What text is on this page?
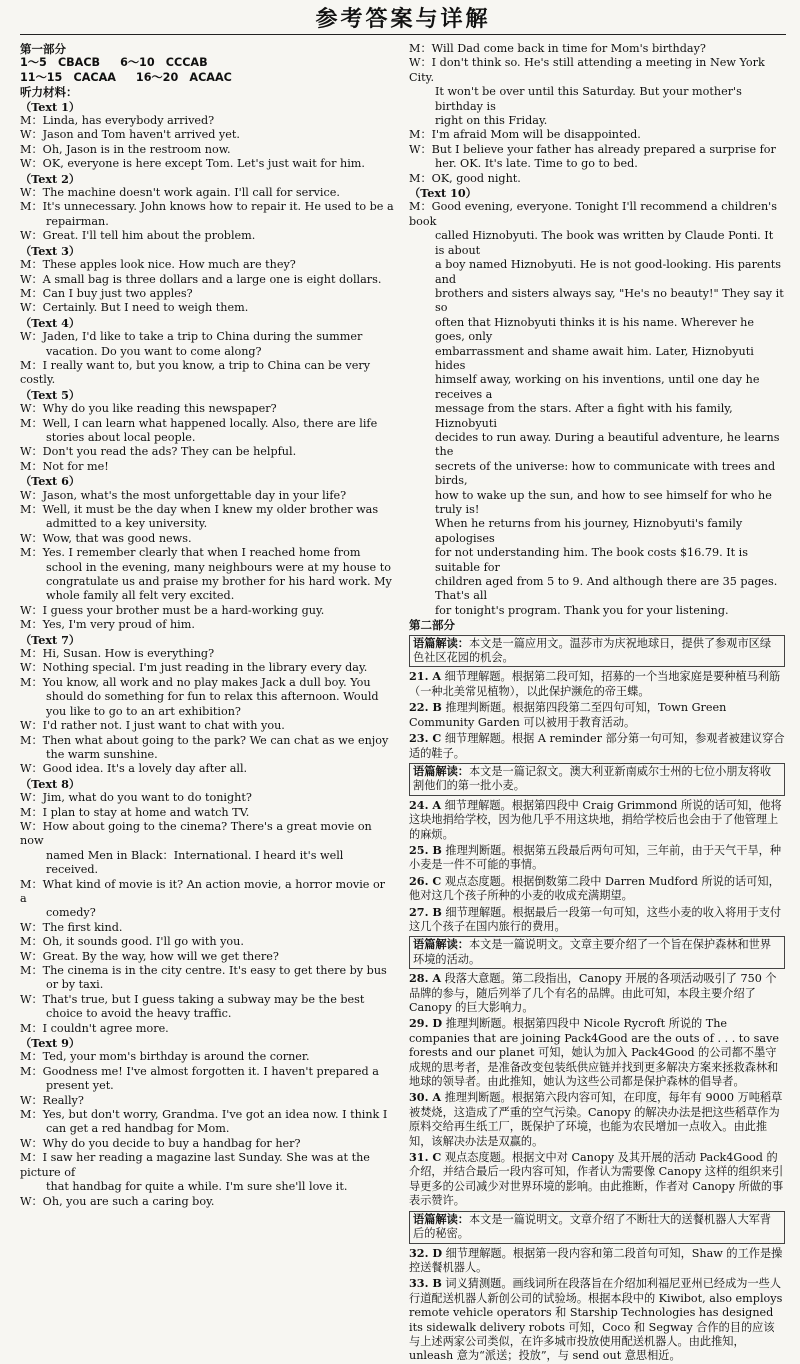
参考答案与详解
第一部分
1～5　CBACB 6～10　CCCAB
11～15　CACAA 16～20　ACAAC
听力材料：
（Text 1）
M：Linda, has everybody arrived?
W：Jason and Tom haven't arrived yet.
M：Oh, Jason is in the restroom now.
W：OK, everyone is here except Tom. Let's just wait for him.
（Text 2）
W：The machine doesn't work again. I'll call for service.
M：It's unnecessary. John knows how to repair it. He used to be a
repairman.
W：Great. I'll tell him about the problem.
（Text 3）
M：These apples look nice. How much are they?
W：A small bag is three dollars and a large one is eight dollars.
M：Can I buy just two apples?
W：Certainly. But I need to weigh them.
（Text 4）
W：Jaden, I'd like to take a trip to China during the summer
vacation. Do you want to come along?
M：I really want to, but you know, a trip to China can be very costly.
（Text 5）
W：Why do you like reading this newspaper?
M：Well, I can learn what happened locally. Also, there are life
stories about local people.
W：Don't you read the ads? They can be helpful.
M：Not for me!
（Text 6）
W：Jason, what's the most unforgettable day in your life?
M：Well, it must be the day when I knew my older brother was
admitted to a key university.
W：Wow, that was good news.
M：Yes. I remember clearly that when I reached home from
school in the evening, many neighbours were at my house to
congratulate us and praise my brother for his hard work. My
whole family all felt very excited.
W：I guess your brother must be a hard-working guy.
M：Yes, I'm very proud of him.
（Text 7）
M：Hi, Susan. How is everything?
W：Nothing special. I'm just reading in the library every day.
M：You know, all work and no play makes Jack a dull boy. You
should do something for fun to relax this afternoon. Would
you like to go to an art exhibition?
W：I'd rather not. I just want to chat with you.
M：Then what about going to the park? We can chat as we enjoy
the warm sunshine.
W：Good idea. It's a lovely day after all.
（Text 8）
W：Jim, what do you want to do tonight?
M：I plan to stay at home and watch TV.
W：How about going to the cinema? There's a great movie on now
named Men in Black：International. I heard it's well received.
M：What kind of movie is it? An action movie, a horror movie or a
comedy?
W：The first kind.
M：Oh, it sounds good. I'll go with you.
W：Great. By the way, how will we get there?
M：The cinema is in the city centre. It's easy to get there by bus
or by taxi.
W：That's true, but I guess taking a subway may be the best
choice to avoid the heavy traffic.
M：I couldn't agree more.
（Text 9）
M：Ted, your mom's birthday is around the corner.
M：Goodness me! I've almost forgotten it. I haven't prepared a
present yet.
W：Really?
M：Yes, but don't worry, Grandma. I've got an idea now. I think I
can get a red handbag for Mom.
W：Why do you decide to buy a handbag for her?
M：I saw her reading a magazine last Sunday. She was at the picture of
that handbag for quite a while. I'm sure she'll love it.
W：Oh, you are such a caring boy.
M：Will Dad come back in time for Mom's birthday?
W：I don't think so. He's still attending a meeting in New York City.
It won't be over until this Saturday. But your mother's birthday is
right on this Friday.
M：I'm afraid Mom will be disappointed.
W：But I believe your father has already prepared a surprise for
her. OK. It's late. Time to go to bed.
M：OK, good night.
（Text 10）
M：Good evening, everyone. Tonight I'll recommend a children's book
called Hiznobyuti. The book was written by Claude Ponti. It is about
a boy named Hiznobyuti. He is not good-looking. His parents and
brothers and sisters always say, "He's no beauty!" They say it so
often that Hiznobyuti thinks it is his name. Wherever he goes, only
embarrassment and shame await him. Later, Hiznobyuti hides
himself away, working on his inventions, until one day he receives a
message from the stars. After a fight with his family, Hiznobyuti
decides to run away. During a beautiful adventure, he learns the
secrets of the universe: how to communicate with trees and birds,
how to wake up the sun, and how to see himself for who he truly is!
When he returns from his journey, Hiznobyuti's family apologises
for not understanding him. The book costs $16.79. It is suitable for
children aged from 5 to 9. And although there are 35 pages. That's all
for tonight's program. Thank you for your listening.
第二部分
语篇解读：本文是一篇应用文。温莎市为庆祝地球日，提供了参观市区绿色社区花园的机会。
21. A 细节理解题。根据第二段可知，招募的一个当地家庭是要种植马利筋（一种北美常见植物），以此保护濒危的帝王蝶。
22. B 推理判断题。根据第四段第二至四句可知，Town Green Community Garden 可以被用于教育活动。
23. C 细节理解题。根据 A reminder 部分第一句可知，参观者被建议穿合适的鞋子。
语篇解读：本文是一篇记叙文。澳大利亚新南威尔士州的七位小朋友将收割他们的第一批小麦。
24. A 细节理解题。根据第四段中 Craig Grimmond 所说的话可知，他将这块地捐给学校，因为他几乎不用这块地，捐给学校后也会由于了他管理上的麻烦。
25. B 推理判断题。根据第五段最后两句可知，三年前，由于天气干旱，种小麦是一件不可能的事情。
26. C 观点态度题。根据倒数第二段中 Darren Mudford 所说的话可知，他对这几个孩子所种的小麦的收成充满期望。
27. B 细节理解题。根据最后一段第一句可知，这些小麦的收入将用于支付这几个孩子在国内旅行的费用。
语篇解读：本文是一篇说明文。文章主要介绍了一个旨在保护森林和世界环境的活动。
28. A 段落大意题。第二段指出，Canopy 开展的各项活动吸引了 750 个品牌的参与，随后列举了几个有名的品牌。由此可知，本段主要介绍了 Canopy 的巨大影响力。
29. D 推理判断题。根据第四段中 Nicole Rycroft 所说的 The companies that are joining Pack4Good are the outs of . . . to save forests and our planet 可知，她认为加入 Pack4Good 的公司都不墨守成规的思考者，是准备改变包装纸供应链并找到更多解决方案来拯救森林和地球的领导者。由此推知，她认为这些公司都是保护森林的倡导者。
30. A 推理判断题。根据第六段内容可知，在印度，每年有 9000 万吨稻草被焚烧，这造成了严重的空气污染。Canopy 的解决办法是把这些稻草作为原料交给再生纸工厂，既保护了环境，也能为农民增加一点收入。由此推知，该解决办法是双赢的。
31. C 观点态度题。根据文中对 Canopy 及其开展的活动 Pack4Good 的介绍，并结合最后一段内容可知，作者认为需要像 Canopy 这样的组织来引导更多的公司减少对世界环境的影响。由此推断，作者对 Canopy 所做的事表示赞许。
语篇解读：本文是一篇说明文。文章介绍了不断壮大的送餐机器人大军背后的秘密。
32. D 细节理解题。根据第一段内容和第二段首句可知，Shaw 的工作是操控送餐机器人。
33. B 词义猜测题。画线词所在段落旨在介绍加利福尼亚州已经成为一些人行道配送机器人新创公司的试验场。根据本段中的 Kiwibot, also employs remote vehicle operators 和 Starship Technologies has designed its sidewalk delivery robots 可知，Coco 和 Segway 合作的目的应该与上述两家公司类似，在许多城市投放使用配送机器人。由此推知，unleash 意为“派送；投放”，与 send out 意思相近。
